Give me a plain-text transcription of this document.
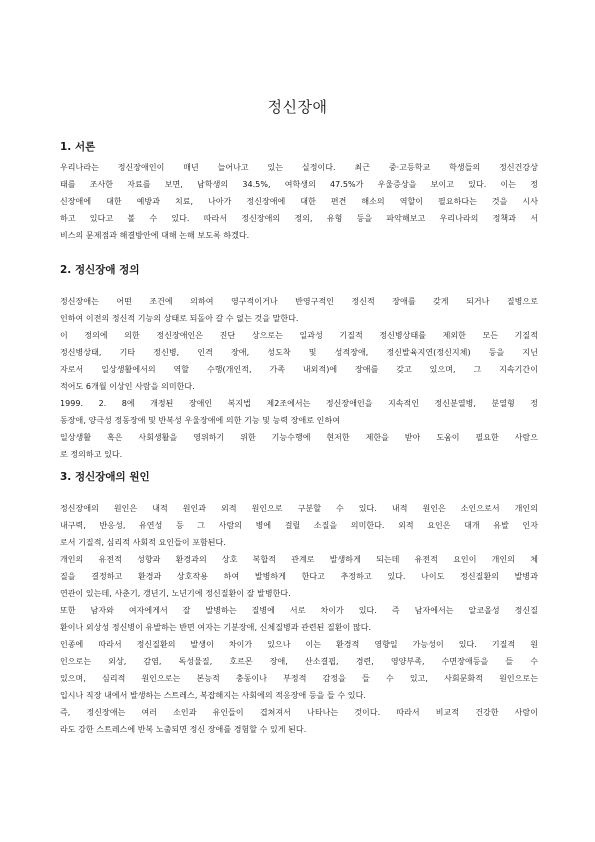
정신장애
1. 서론
우리나라는 정신장애인이 매년 늘어나고 있는 실정이다. 최근 중·고등학교 학생들의 정신건강상
태를 조사한 자료를 보면, 남학생의 34.5%, 여학생의 47.5%가 우울증상을 보이고 있다. 이는 정
신장애에 대한 예방과 치료, 나아가 정신장애에 대한 편견 해소의 역할이 필요하다는 것을 시사
하고 있다고 볼 수 있다. 따라서 정신장애의 정의, 유형 등을 파악해보고 우리나라의 정책과 서
비스의 문제점과 해결방안에 대해 논해 보도록 하겠다.
2. 정신장애 정의
정신장애는 어떤 조건에 의하여 영구적이거나 반영구적인 정신적 장애를 갖게 되거나 질병으로
인하여 이전의 정신적 기능의 상태로 되돌아 갈 수 없는 것을 말한다.
이 정의에 의한 정신장애인은 진단 상으로는 일과성 기질적 정신병상태를 제외한 모든 기질적
정신병상태, 기타 정신병, 인격 장애, 성도착 및 성적장애, 정신발육지연(정신지체) 등을 지닌
자로서 일상생활에서의 역할 수행(개인적, 가족 내외적)에 장애를 갖고 있으며, 그 지속기간이
적어도 6개월 이상인 사람을 의미한다.
1999. 2. 8에 개정된 장애인 복지법 제2조에서는 정신장애인을 지속적인 정신분열병, 분열형 정
동장애, 양극성 정동장애 및 반복성 우울장애에 의한 기능 및 능력 장애로 인하여
일상생활 혹은 사회생활을 영위하기 위한 기능수행에 현저한 제한을 받아 도움이 필요한 사람으
로 정의하고 있다.
3. 정신장애의 원인
정신장애의 원인은 내적 원인과 외적 원인으로 구분할 수 있다. 내적 원인은 소인으로서 개인의
내구력, 반응성, 유연성 등 그 사람의 병에 걸릴 소질을 의미한다. 외적 요인은 대개 유발 인자
로서 기질적, 심리적 사회적 요인들이 포함된다.
개인의 유전적 성향과 환경과의 상호 복합적 관계로 발생하게 되는데 유전적 요인이 개인의 체
질을 결정하고 환경과 상호작용 하여 발병하게 한다고 추정하고 있다. 나이도 정신질환의 발병과
연관이 있는데, 사춘기, 갱년기, 노년기에 정신질환이 잘 발병한다.
또한 남자와 여자에게서 잘 발병하는 질병에 서로 차이가 있다. 즉 남자에서는 알코올성 정신질
환이나 외상성 정신병이 유발하는 반면 여자는 기분장애, 신체질병과 관련된 질환이 많다.
인종에 따라서 정신질환의 발생이 차이가 있으나 이는 환경적 영향일 가능성이 있다. 기질적 원
인으로는 외상, 감염, 독성물질, 호르몬 장애, 산소결핍, 경련, 영양부족, 수면장애등을 들 수
있으며, 심리적 원인으로는 본능적 충동이나 부정적 감정을 들 수 있고, 사회문화적 원인으로는
입시나 직장 내에서 발생하는 스트레스, 복잡해지는 사회에의 적응장애 등을 들 수 있다.
즉, 정신장애는 여러 소인과 유인들이 겹쳐져서 나타나는 것이다. 따라서 비교적 건강한 사람이
라도 강한 스트레스에 반복 노출되면 정신 장애를 경험할 수 있게 된다.
